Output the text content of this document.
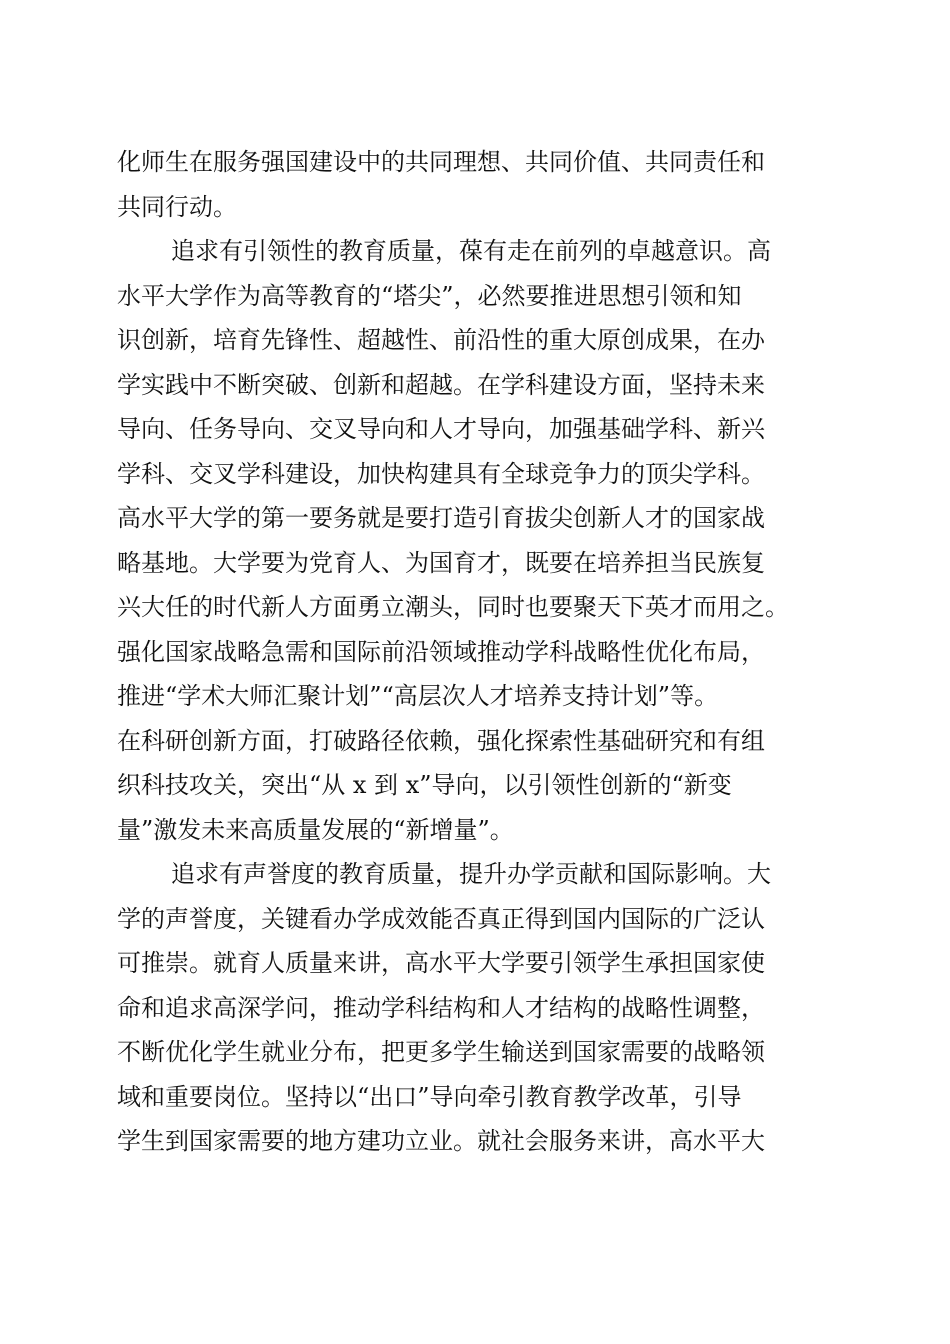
化师生在服务强国建设中的共同理想、共同价值、共同责任和

共同行动。

追求有引领性的教育质量，葆有走在前列的卓越意识。高

水平大学作为高等教育的“塔尖”，必然要推进思想引领和知

识创新，培育先锋性、超越性、前沿性的重大原创成果，在办

学实践中不断突破、创新和超越。在学科建设方面，坚持未来

导向、任务导向、交叉导向和人才导向，加强基础学科、新兴

学科、交叉学科建设，加快构建具有全球竞争力的顶尖学科。

高水平大学的第一要务就是要打造引育拔尖创新人才的国家战

略基地。大学要为党育人、为国育才，既要在培养担当民族复

兴大任的时代新人方面勇立潮头，同时也要聚天下英才而用之。

强化国家战略急需和国际前沿领域推动学科战略性优化布局，

推进“学术大师汇聚计划”“高层次人才培养支持计划”等。

在科研创新方面，打破路径依赖，强化探索性基础研究和有组

织科技攻关，突出“从 x 到 x”导向，以引领性创新的“新变

量”激发未来高质量发展的“新增量”。

追求有声誉度的教育质量，提升办学贡献和国际影响。大

学的声誉度，关键看办学成效能否真正得到国内国际的广泛认

可推崇。就育人质量来讲，高水平大学要引领学生承担国家使

命和追求高深学问，推动学科结构和人才结构的战略性调整，

不断优化学生就业分布，把更多学生输送到国家需要的战略领

域和重要岗位。坚持以“出口”导向牵引教育教学改革，引导

学生到国家需要的地方建功立业。就社会服务来讲，高水平大
